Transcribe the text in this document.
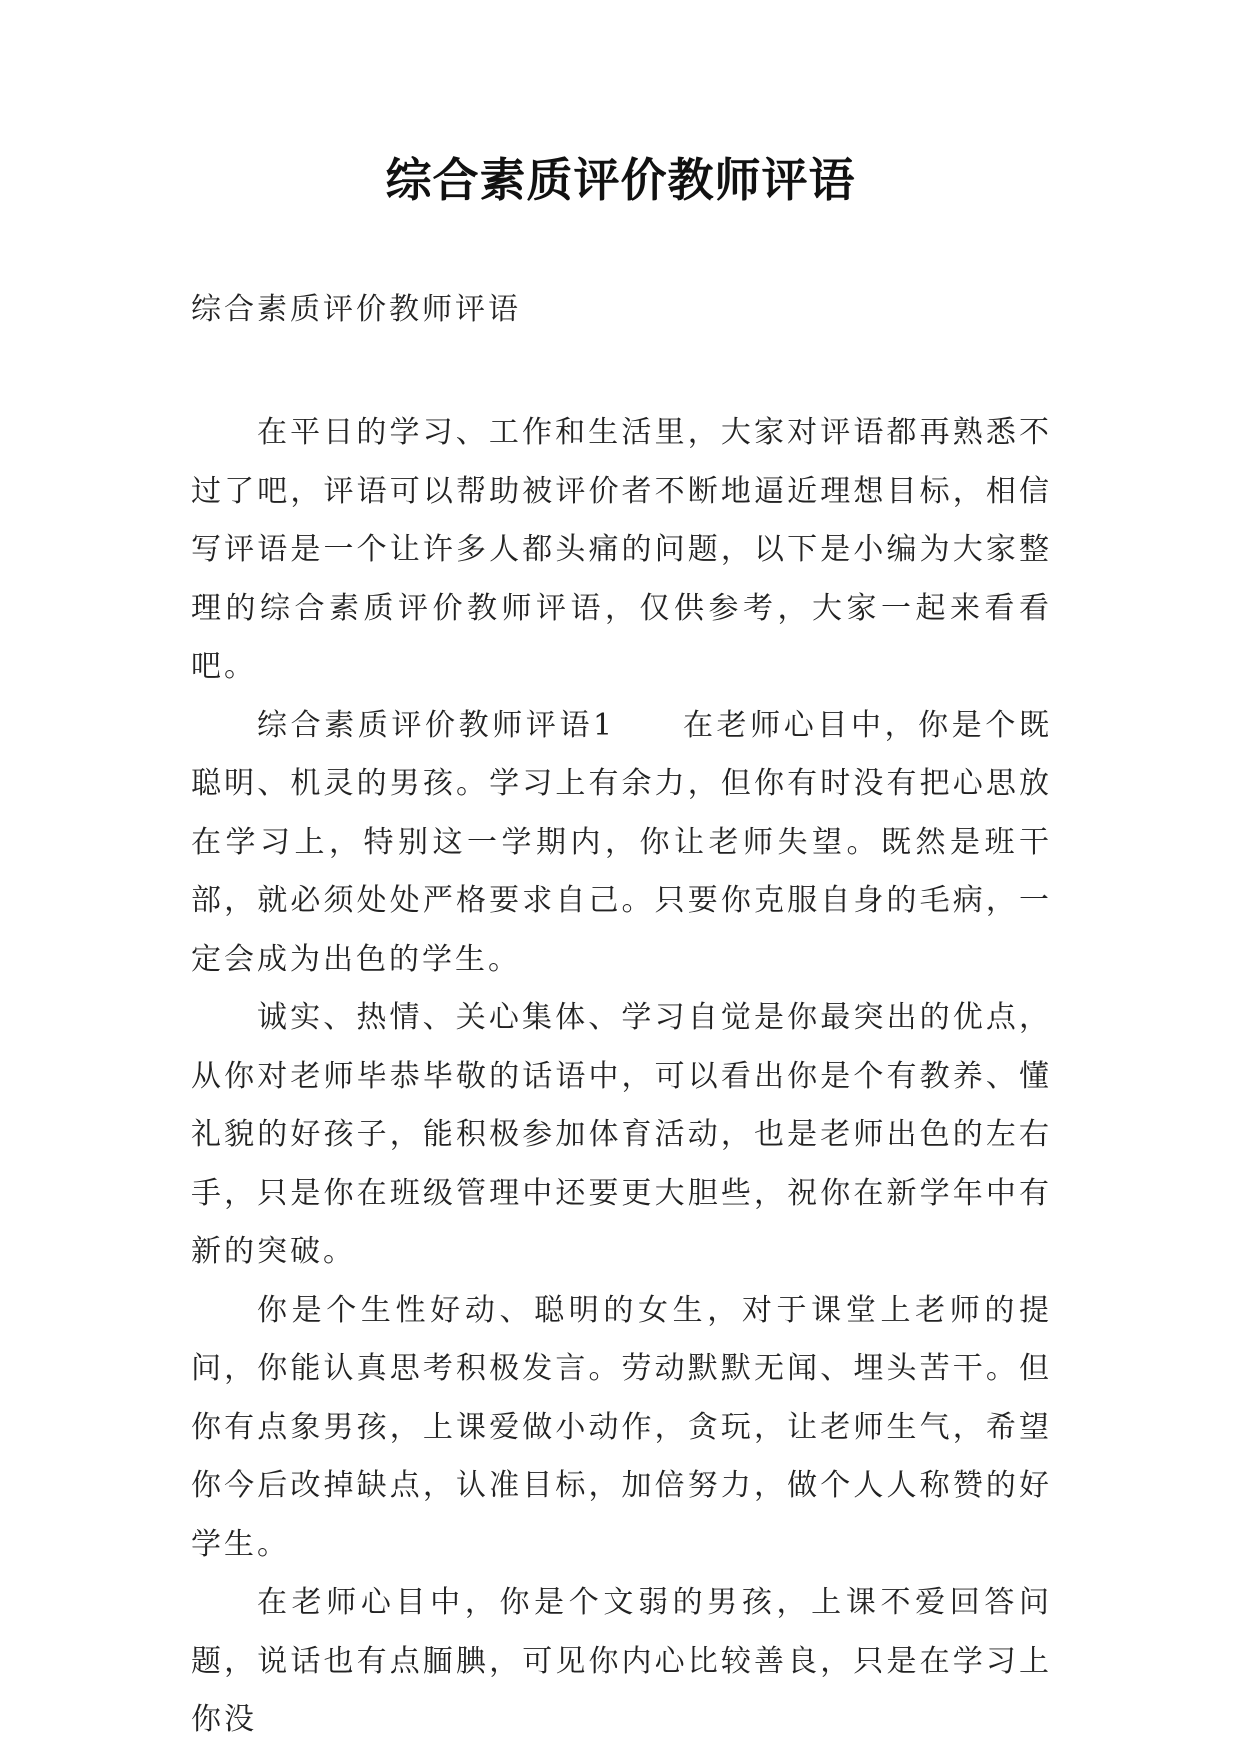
综合素质评价教师评语
综合素质评价教师评语

在平日的学习、工作和生活里，大家对评语都再熟悉不过了吧，评语可以帮助被评价者不断地逼近理想目标，相信写评语是一个让许多人都头痛的问题，以下是小编为大家整理的综合素质评价教师评语，仅供参考，大家一起来看看吧。

综合素质评价教师评语1　　在老师心目中，你是个既聪明、机灵的男孩。学习上有余力，但你有时没有把心思放在学习上，特别这一学期内，你让老师失望。既然是班干部，就必须处处严格要求自己。只要你克服自身的毛病，一定会成为出色的学生。

诚实、热情、关心集体、学习自觉是你最突出的优点，从你对老师毕恭毕敬的话语中，可以看出你是个有教养、懂礼貌的好孩子，能积极参加体育活动，也是老师出色的左右手，只是你在班级管理中还要更大胆些，祝你在新学年中有新的突破。

你是个生性好动、聪明的女生，对于课堂上老师的提问，你能认真思考积极发言。劳动默默无闻、埋头苦干。但你有点象男孩，上课爱做小动作，贪玩，让老师生气，希望你今后改掉缺点，认准目标，加倍努力，做个人人称赞的好学生。

在老师心目中，你是个文弱的男孩，上课不爱回答问题，说话也有点腼腆，可见你内心比较善良，只是在学习上你没
